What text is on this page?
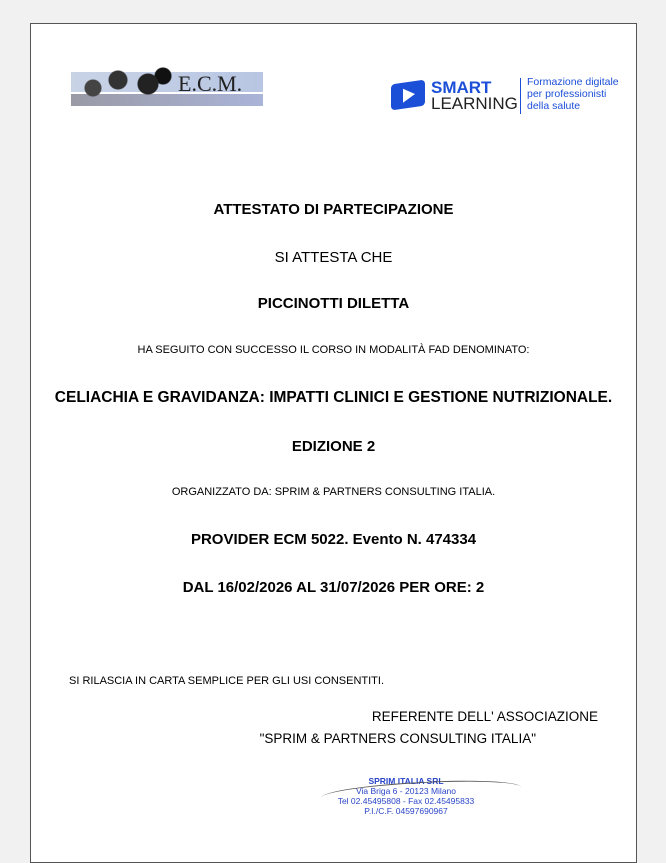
E.C.M.	SMART
LEARNING
Formazione digitale
per professionisti
della salute
ATTESTATO DI PARTECIPAZIONE
SI ATTESTA CHE
PICCINOTTI DILETTA
HA SEGUITO CON SUCCESSO IL CORSO IN MODALITÀ FAD DENOMINATO:
CELIACHIA E GRAVIDANZA: IMPATTI CLINICI E GESTIONE NUTRIZIONALE.
EDIZIONE 2
ORGANIZZATO DA: SPRIM & PARTNERS CONSULTING ITALIA.
PROVIDER ECM 5022. Evento N. 474334
DAL 16/02/2026 AL 31/07/2026 PER ORE: 2
SI RILASCIA IN CARTA SEMPLICE PER GLI USI CONSENTITI.
REFERENTE DELL' ASSOCIAZIONE
"SPRIM & PARTNERS CONSULTING ITALIA"
SPRIM ITALIA SRL
Via Briga 6 - 20123 Milano
Tel 02.45495808 - Fax 02.45495833
P.I./C.F. 04597690967
